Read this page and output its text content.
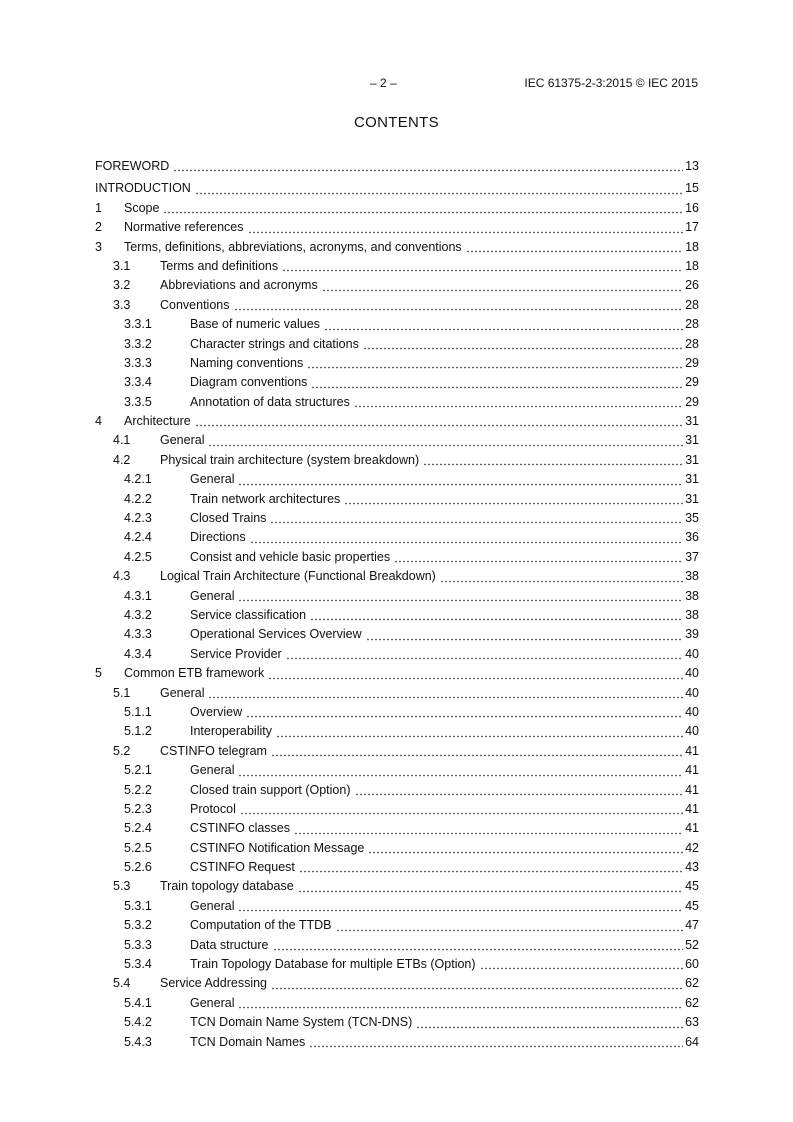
– 2 –	IEC 61375-2-3:2015 © IEC 2015
CONTENTS
FOREWORD	13
INTRODUCTION	15
1	Scope	16
2	Normative references	17
3	Terms, definitions, abbreviations, acronyms, and conventions	18
3.1	Terms and definitions	18
3.2	Abbreviations and acronyms	26
3.3	Conventions	28
3.3.1	Base of numeric values	28
3.3.2	Character strings and citations	28
3.3.3	Naming conventions	29
3.3.4	Diagram conventions	29
3.3.5	Annotation of data structures	29
4	Architecture	31
4.1	General	31
4.2	Physical train architecture (system breakdown)	31
4.2.1	General	31
4.2.2	Train network architectures	31
4.2.3	Closed Trains	35
4.2.4	Directions	36
4.2.5	Consist and vehicle basic properties	37
4.3	Logical Train Architecture (Functional Breakdown)	38
4.3.1	General	38
4.3.2	Service classification	38
4.3.3	Operational Services Overview	39
4.3.4	Service Provider	40
5	Common ETB framework	40
5.1	General	40
5.1.1	Overview	40
5.1.2	Interoperability	40
5.2	CSTINFO telegram	41
5.2.1	General	41
5.2.2	Closed train support (Option)	41
5.2.3	Protocol	41
5.2.4	CSTINFO classes	41
5.2.5	CSTINFO Notification Message	42
5.2.6	CSTINFO Request	43
5.3	Train topology database	45
5.3.1	General	45
5.3.2	Computation of the TTDB	47
5.3.3	Data structure	52
5.3.4	Train Topology Database for multiple ETBs (Option)	60
5.4	Service Addressing	62
5.4.1	General	62
5.4.2	TCN Domain Name System (TCN-DNS)	63
5.4.3	TCN Domain Names	64
